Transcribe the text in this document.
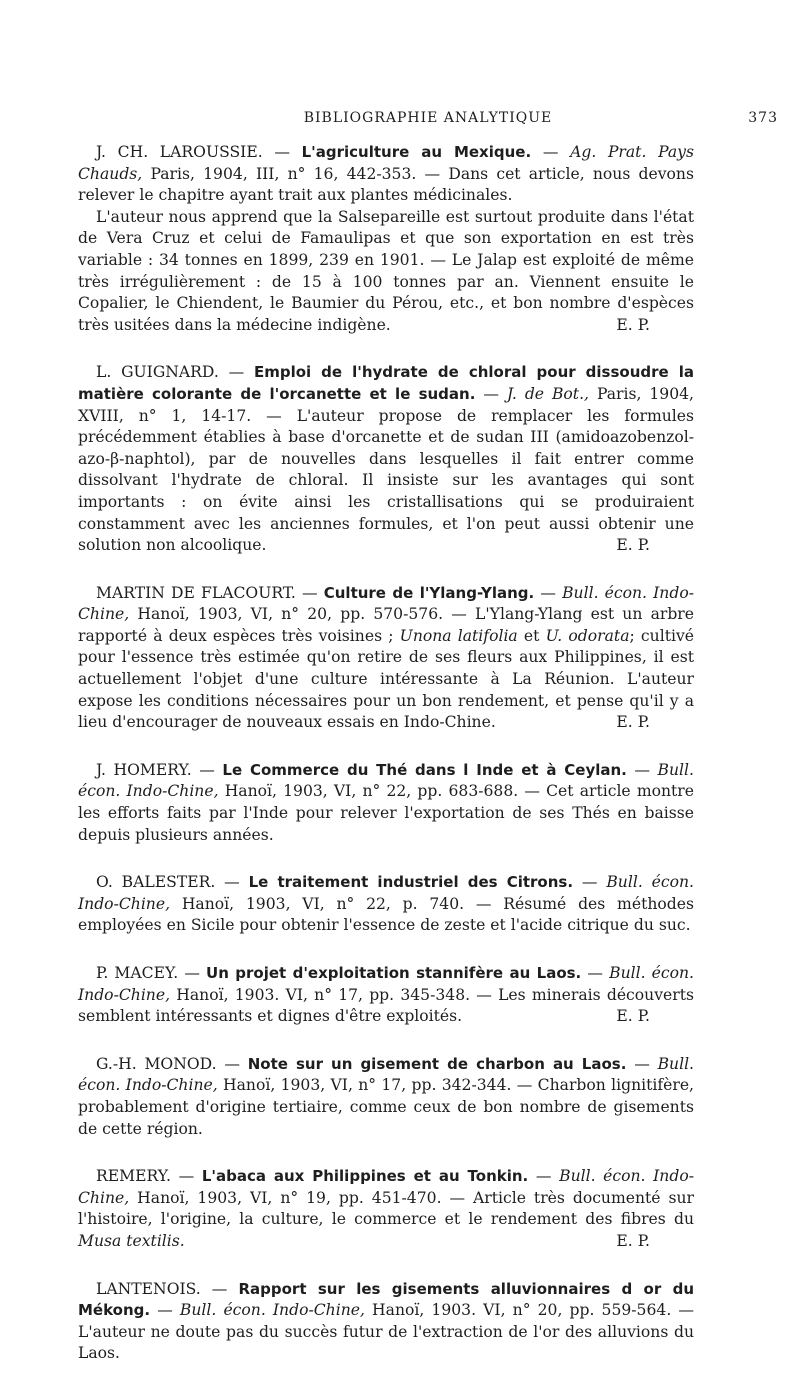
BIBLIOGRAPHIE ANALYTIQUE	373

J. CH. LAROUSSIE. — L'agriculture au Mexique. — Ag. Prat. Pays Chauds, Paris, 1904, III, n° 16, 442-353. — Dans cet article, nous devons relever le chapitre ayant trait aux plantes médicinales.

L'auteur nous apprend que la Salsepareille est surtout produite dans l'état de Vera Cruz et celui de Famaulipas et que son exportation en est très variable : 34 tonnes en 1899, 239 en 1901. — Le Jalap est exploité de même très irrégulièrement : de 15 à 100 tonnes par an. Viennent ensuite le Copalier, le Chiendent, le Baumier du Pérou, etc., et bon nombre d'espèces très usitées dans la médecine indigène.	E. P.

L. GUIGNARD. — Emploi de l'hydrate de chloral pour dissoudre la matière colorante de l'orcanette et le sudan. — J. de Bot., Paris, 1904, XVIII, n° 1, 14-17. — L'auteur propose de remplacer les formules précédemment établies à base d'orcanette et de sudan III (amidoazobenzol-azo-β-naphtol), par de nouvelles dans lesquelles il fait entrer comme dissolvant l'hydrate de chloral. Il insiste sur les avantages qui sont importants : on évite ainsi les cristallisations qui se produiraient constamment avec les anciennes formules, et l'on peut aussi obtenir une solution non alcoolique.	E. P.

MARTIN DE FLACOURT. — Culture de l'Ylang-Ylang. — Bull. écon. Indo-Chine, Hanoï, 1903, VI, n° 20, pp. 570-576. — L'Ylang-Ylang est un arbre rapporté à deux espèces très voisines ; Unona latifolia et U. odorata; cultivé pour l'essence très estimée qu'on retire de ses fleurs aux Philippines, il est actuellement l'objet d'une culture intéressante à La Réunion. L'auteur expose les conditions nécessaires pour un bon rendement, et pense qu'il y a lieu d'encourager de nouveaux essais en Indo-Chine.	E. P.

J. HOMERY. — Le Commerce du Thé dans l Inde et à Ceylan. — Bull. écon. Indo-Chine, Hanoï, 1903, VI, n° 22, pp. 683-688. — Cet article montre les efforts faits par l'Inde pour relever l'exportation de ses Thés en baisse depuis plusieurs années.

O. BALESTER. — Le traitement industriel des Citrons. — Bull. écon. Indo-Chine, Hanoï, 1903, VI, n° 22, p. 740. — Résumé des méthodes employées en Sicile pour obtenir l'essence de zeste et l'acide citrique du suc.

P. MACEY. — Un projet d'exploitation stannifère au Laos. — Bull. écon. Indo-Chine, Hanoï, 1903. VI, n° 17, pp. 345-348. — Les minerais découverts semblent intéressants et dignes d'être exploités.	E. P.

G.-H. MONOD. — Note sur un gisement de charbon au Laos. — Bull. écon. Indo-Chine, Hanoï, 1903, VI, n° 17, pp. 342-344. — Charbon lignitifère, probablement d'origine tertiaire, comme ceux de bon nombre de gisements de cette région.

REMERY. — L'abaca aux Philippines et au Tonkin. — Bull. écon. Indo-Chine, Hanoï, 1903, VI, n° 19, pp. 451-470. — Article très documenté sur l'histoire, l'origine, la culture, le commerce et le rendement des fibres du Musa textilis.	E. P.

LANTENOIS. — Rapport sur les gisements alluvionnaires d or du Mékong. — Bull. écon. Indo-Chine, Hanoï, 1903. VI, n° 20, pp. 559-564. — L'auteur ne doute pas du succès futur de l'extraction de l'or des alluvions du Laos.
